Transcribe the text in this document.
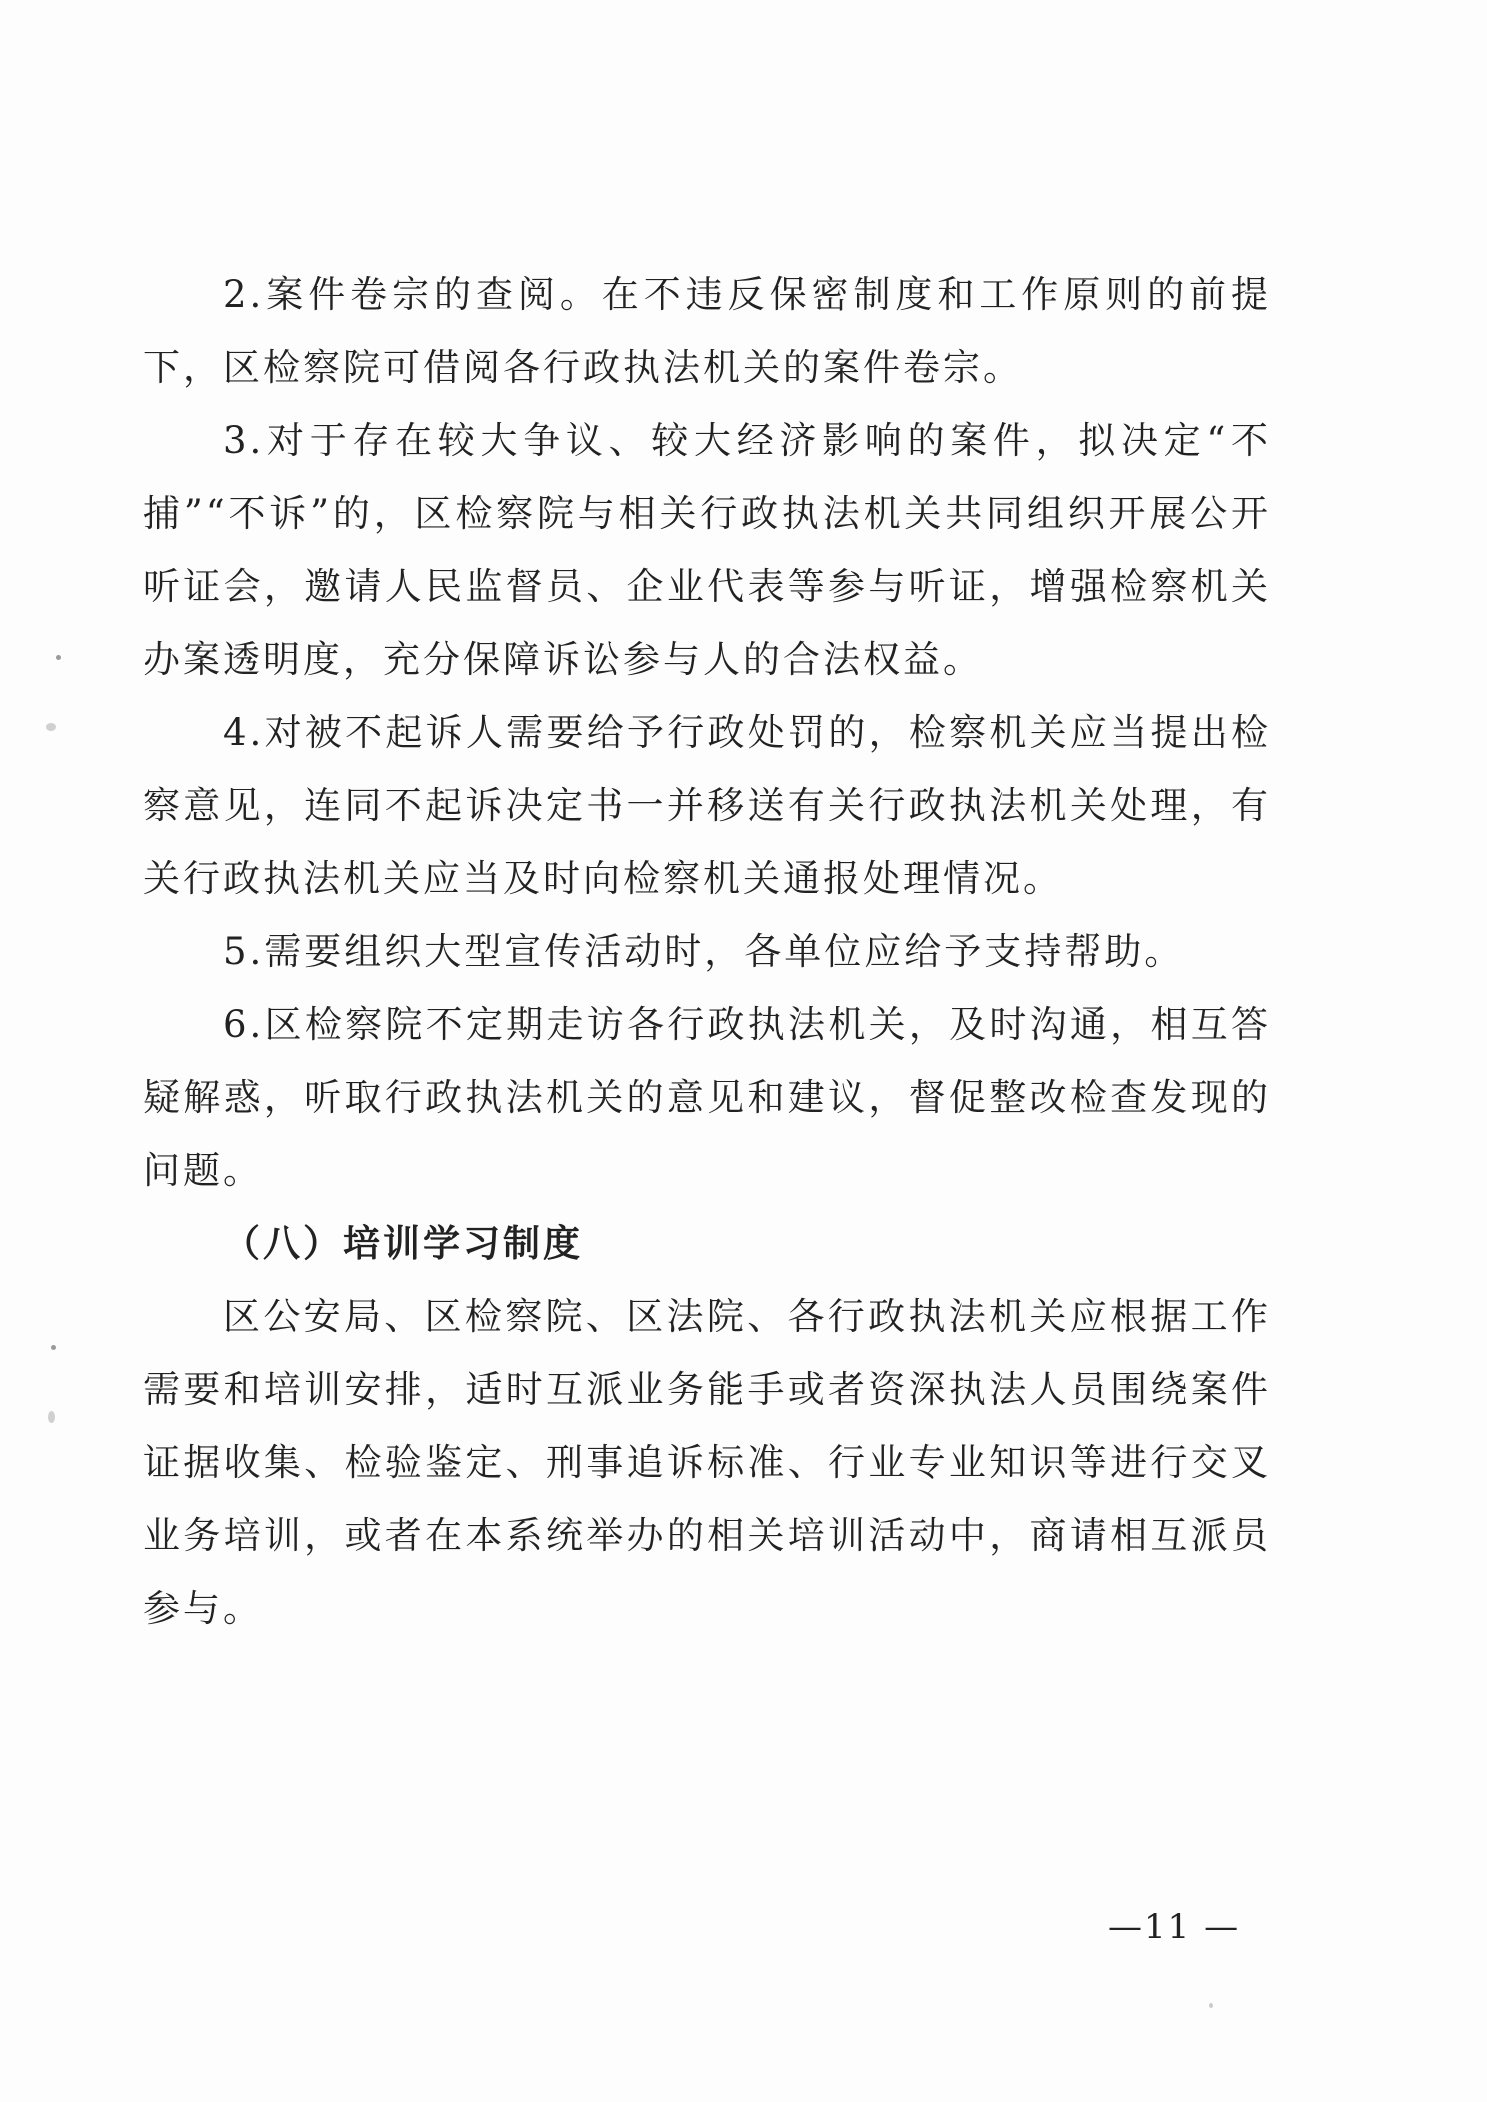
2.案件卷宗的查阅。在不违反保密制度和工作原则的前提下，区检察院可借阅各行政执法机关的案件卷宗。

3.对于存在较大争议、较大经济影响的案件，拟决定“不捕”“不诉”的，区检察院与相关行政执法机关共同组织开展公开听证会，邀请人民监督员、企业代表等参与听证，增强检察机关办案透明度，充分保障诉讼参与人的合法权益。

4.对被不起诉人需要给予行政处罚的，检察机关应当提出检察意见，连同不起诉决定书一并移送有关行政执法机关处理，有关行政执法机关应当及时向检察机关通报处理情况。

5.需要组织大型宣传活动时，各单位应给予支持帮助。

6.区检察院不定期走访各行政执法机关，及时沟通，相互答疑解惑，听取行政执法机关的意见和建议，督促整改检查发现的问题。

（八）培训学习制度

区公安局、区检察院、区法院、各行政执法机关应根据工作需要和培训安排，适时互派业务能手或者资深执法人员围绕案件证据收集、检验鉴定、刑事追诉标准、行业专业知识等进行交叉业务培训，或者在本系统举办的相关培训活动中，商请相互派员参与。

—11 —
